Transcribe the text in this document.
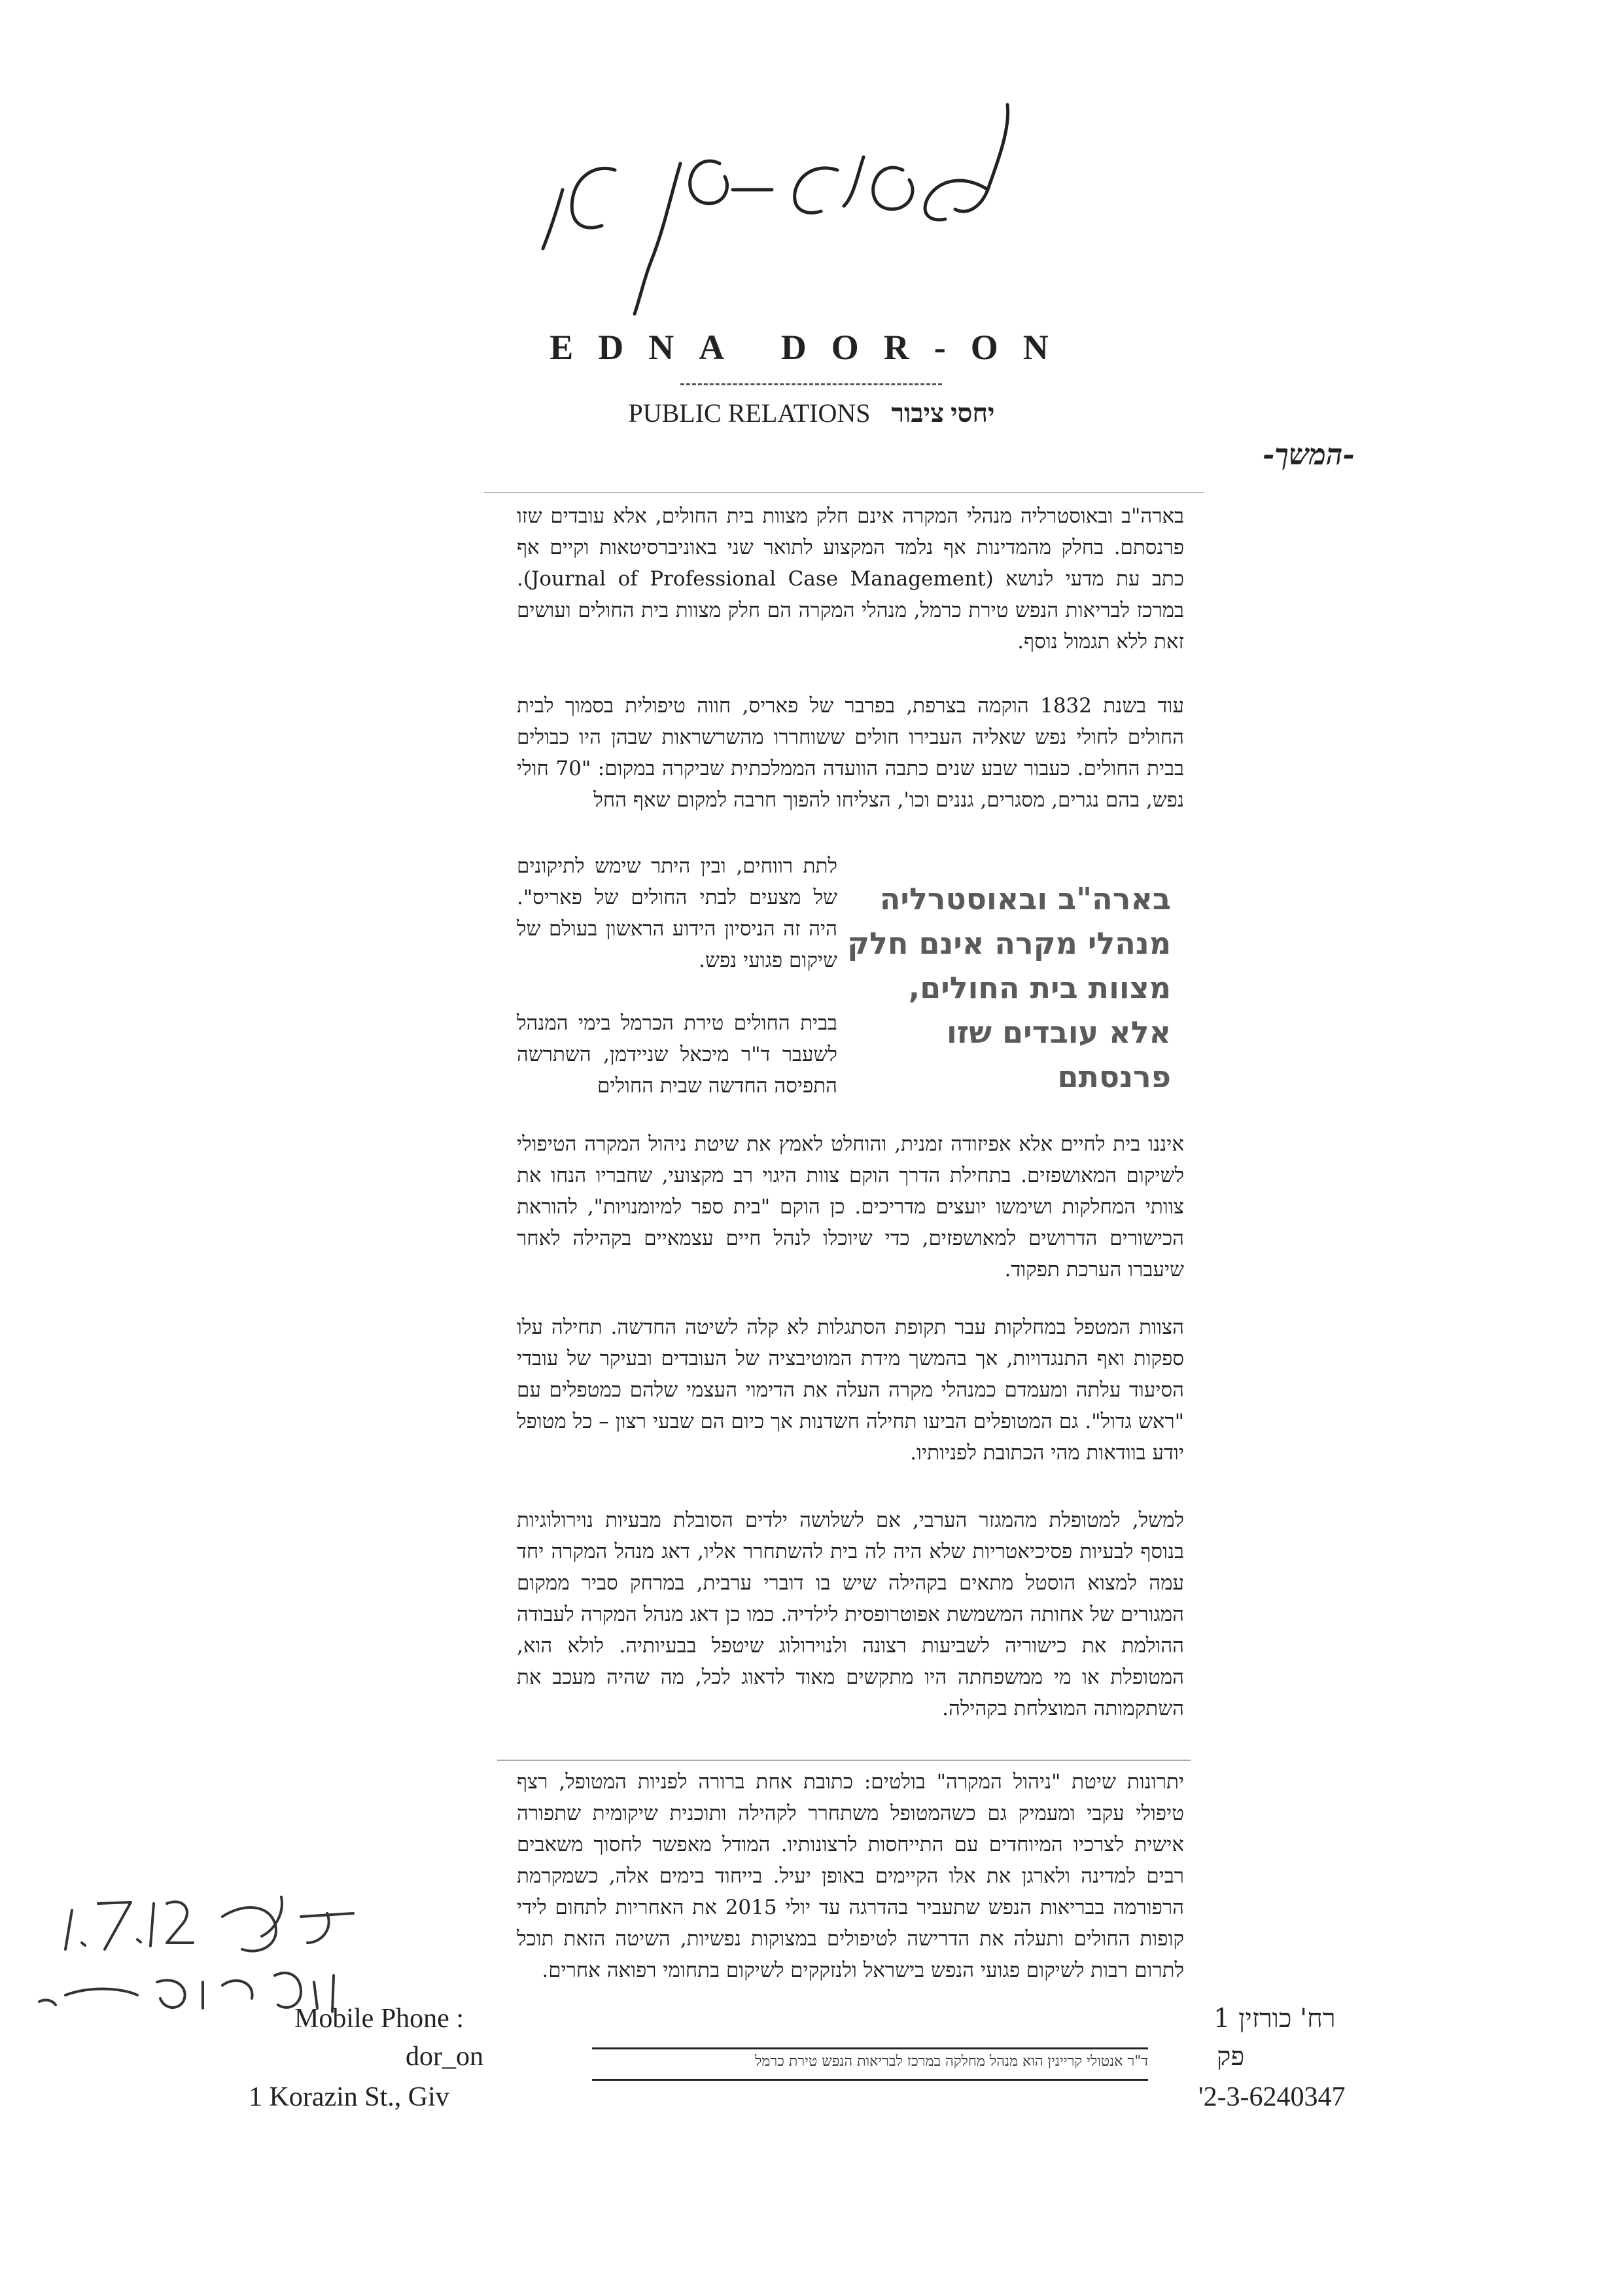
EDNA DOR-ON
PUBLIC RELATIONS יחסי ציבור
-המשך-

בארה"ב ובאוסטרליה מנהלי המקרה אינם חלק מצוות בית החולים, אלא עובדים שזו פרנסתם. בחלק מהמדינות אף נלמד המקצוע לתואר שני באוניברסיטאות וקיים אף כתב עת מדעי לנושא (Journal of Professional Case Management). במרכז לבריאות הנפש טירת כרמל, מנהלי המקרה הם חלק מצוות בית החולים ועושים זאת ללא תגמול נוסף.

עוד בשנת 1832 הוקמה בצרפת, בפרבר של פאריס, חווה טיפולית בסמוך לבית החולים לחולי נפש שאליה העבירו חולים ששוחררו מהשרשראות שבהן היו כבולים בבית החולים. כעבור שבע שנים כתבה הוועדה הממלכתית שביקרה במקום: "70 חולי נפש, בהם נגרים, מסגרים, גננים וכו', הצליחו להפוך חרבה למקום שאף החל

בארה"ב ובאוסטרליה מנהלי מקרה אינם חלק מצוות בית החולים, אלא עובדים שזו פרנסתם

לתת רווחים, ובין היתר שימש לתיקונים של מצעים לבתי החולים של פאריס". היה זה הניסיון הידוע הראשון בעולם של שיקום פגועי נפש.

בבית החולים טירת הכרמל בימי המנהל לשעבר ד"ר מיכאל שניידמן, השתרשה התפיסה החדשה שבית החולים

איננו בית לחיים אלא אפיזודה זמנית, והוחלט לאמץ את שיטת ניהול המקרה הטיפולי לשיקום המאושפזים. בתחילת הדרך הוקם צוות היגוי רב מקצועי, שחבריו הנחו את צוותי המחלקות ושימשו יועצים מדריכים. כן הוקם "בית ספר למיומנויות", להוראת הכישורים הדרושים למאושפזים, כדי שיוכלו לנהל חיים עצמאיים בקהילה לאחר שיעברו הערכת תפקוד.

הצוות המטפל במחלקות עבר תקופת הסתגלות לא קלה לשיטה החדשה. תחילה עלו ספקות ואף התנגדויות, אך בהמשך מידת המוטיבציה של העובדים ובעיקר של עובדי הסיעוד עלתה ומעמדם כמנהלי מקרה העלה את הדימוי העצמי שלהם כמטפלים עם "ראש גדול". גם המטופלים הביעו תחילה חשדנות אך כיום הם שבעי רצון – כל מטופל יודע בוודאות מהי הכתובת לפניותיו.

למשל, למטופלת מהמגזר הערבי, אם לשלושה ילדים הסובלת מבעיות נוירולוגיות בנוסף לבעיות פסיכיאטריות שלא היה לה בית להשתחרר אליו, דאג מנהל המקרה יחד עמה למצוא הוסטל מתאים בקהילה שיש בו דוברי ערבית, במרחק סביר ממקום המגורים של אחותה המשמשת אפוטרופסית לילדיה. כמו כן דאג מנהל המקרה לעבודה ההולמת את כישוריה לשביעות רצונה ולנוירולוג שיטפל בבעיותיה. לולא הוא, המטופלת או מי ממשפחתה היו מתקשים מאוד לדאוג לכל, מה שהיה מעכב את השתקמותה המוצלחת בקהילה.

יתרונות שיטת "ניהול המקרה" בולטים: כתובת אחת ברורה לפניות המטופל, רצף טיפולי עקבי ומעמיק גם כשהמטופל משתחרר לקהילה ותוכנית שיקומית שתפורה אישית לצרכיו המיוחדים עם התייחסות לרצונותיו. המודל מאפשר לחסוך משאבים רבים למדינה ולארגן את אלו הקיימים באופן יעיל. בייחוד בימים אלה, כשמקרמת הרפורמה בבריאות הנפש שתעביר בהדרגה עד יולי 2015 את האחריות לתחום לידי קופות החולים ותעלה את הדרישה לטיפולים במצוקות נפשיות, השיטה הזאת תוכל לתרום רבות לשיקום פגועי הנפש בישראל ולנזקקים לשיקום בתחומי רפואה אחרים.

ד"ר אנטולי קריינין הוא מנהל מחלקה במרכז לבריאות הנפש טירת כרמל
Mobile Phone :
dor_on
1 Korazin St., Giv
רח' כורזין 1
פק
'2-3-6240347
